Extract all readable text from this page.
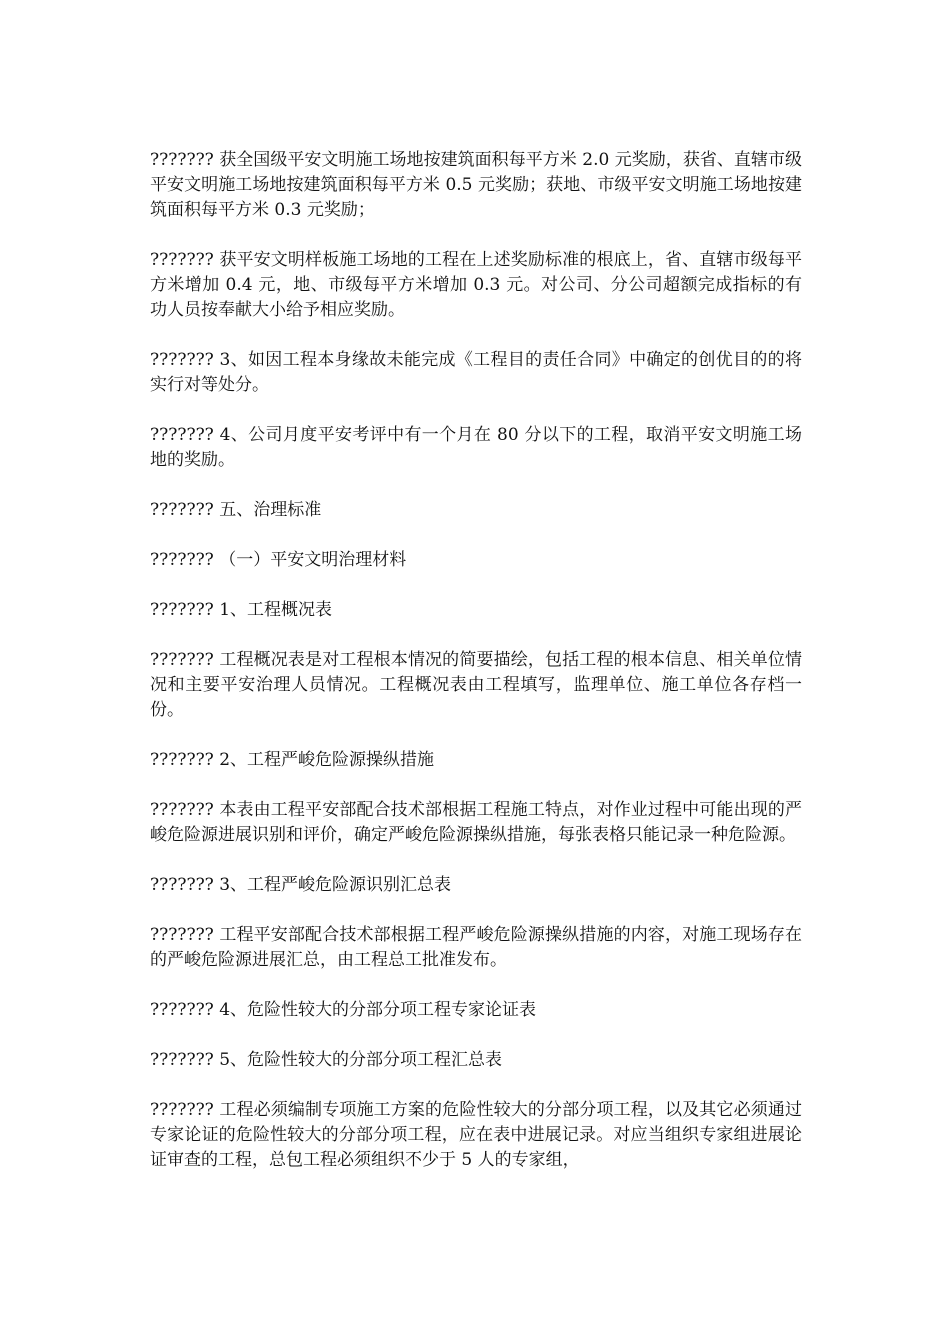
??????? 获全国级平安文明施工场地按建筑面积每平方米 2.0 元奖励，获省、直辖市级平安文明施工场地按建筑面积每平方米 0.5 元奖励；获地、市级平安文明施工场地按建筑面积每平方米 0.3 元奖励；

??????? 获平安文明样板施工场地的工程在上述奖励标准的根底上，省、直辖市级每平方米增加 0.4 元，地、市级每平方米增加 0.3 元。对公司、分公司超额完成指标的有功人员按奉献大小给予相应奖励。

??????? 3、如因工程本身缘故未能完成《工程目的责任合同》中确定的创优目的的将实行对等处分。

??????? 4、公司月度平安考评中有一个月在 80 分以下的工程，取消平安文明施工场地的奖励。

??????? 五、治理标准

??????? （一）平安文明治理材料

??????? 1、工程概况表

??????? 工程概况表是对工程根本情况的简要描绘，包括工程的根本信息、相关单位情况和主要平安治理人员情况。工程概况表由工程填写，监理单位、施工单位各存档一份。

??????? 2、工程严峻危险源操纵措施

??????? 本表由工程平安部配合技术部根据工程施工特点，对作业过程中可能出现的严峻危险源进展识别和评价，确定严峻危险源操纵措施，每张表格只能记录一种危险源。

??????? 3、工程严峻危险源识别汇总表

??????? 工程平安部配合技术部根据工程严峻危险源操纵措施的内容，对施工现场存在的严峻危险源进展汇总，由工程总工批准发布。

??????? 4、危险性较大的分部分项工程专家论证表

??????? 5、危险性较大的分部分项工程汇总表

??????? 工程必须编制专项施工方案的危险性较大的分部分项工程，以及其它必须通过专家论证的危险性较大的分部分项工程，应在表中进展记录。对应当组织专家组进展论证审查的工程，总包工程必须组织不少于 5 人的专家组，
